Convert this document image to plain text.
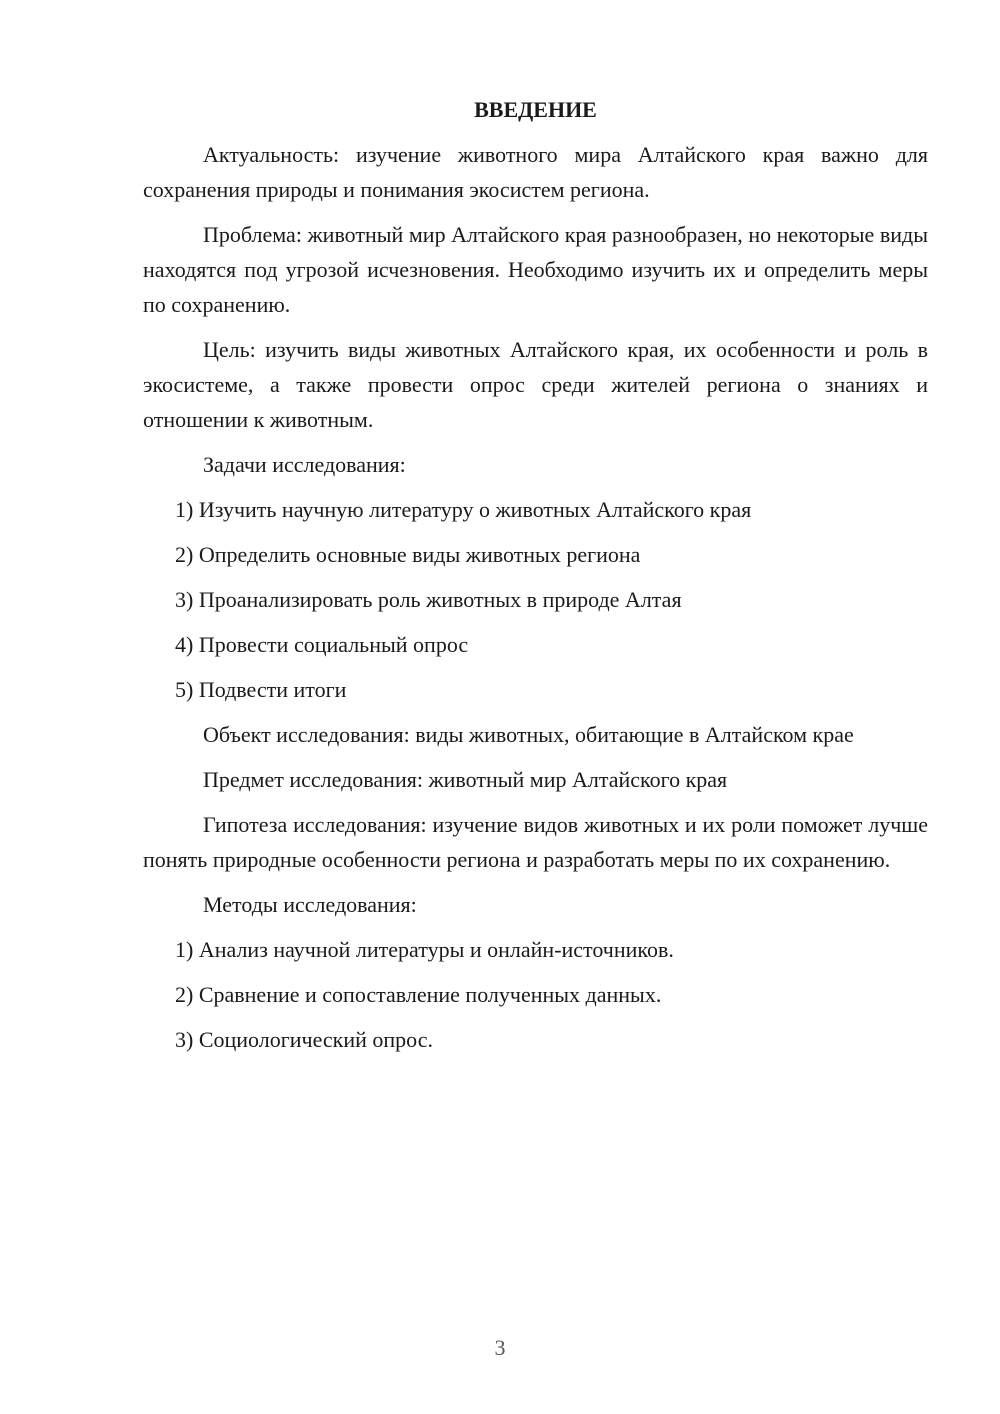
ВВЕДЕНИЕ

Актуальность: изучение животного мира Алтайского края важно для сохранения природы и понимания экосистем региона.

Проблема: животный мир Алтайского края разнообразен, но некоторые виды находятся под угрозой исчезновения. Необходимо изучить их и определить меры по сохранению.

Цель: изучить виды животных Алтайского края, их особенности и роль в экосистеме, а также провести опрос среди жителей региона о знаниях и отношении к животным.

Задачи исследования:

1) Изучить научную литературу о животных Алтайского края

2) Определить основные виды животных региона

3) Проанализировать роль животных в природе Алтая

4) Провести социальный опрос

5) Подвести итоги

Объект исследования: виды животных, обитающие в Алтайском крае

Предмет исследования: животный мир Алтайского края

Гипотеза исследования: изучение видов животных и их роли поможет лучше понять природные особенности региона и разработать меры по их сохранению.

Методы исследования:

1) Анализ научной литературы и онлайн-источников.

2) Сравнение и сопоставление полученных данных.

3) Социологический опрос.

3
